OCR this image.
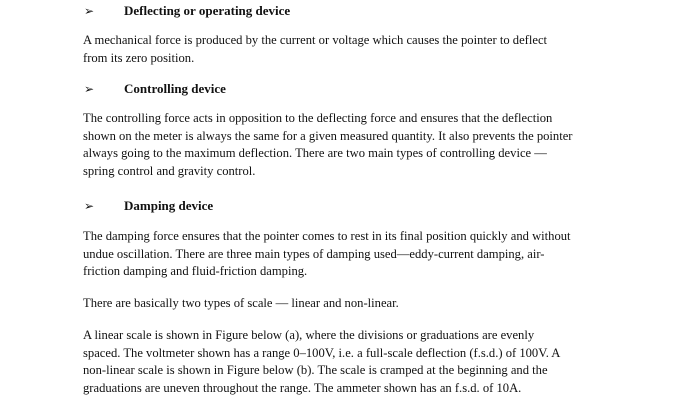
➢	Deflecting or operating device
A mechanical force is produced by the current or voltage which causes the pointer to deflect
from its zero position.
➢	Controlling device
The controlling force acts in opposition to the deflecting force and ensures that the deflection
shown on the meter is always the same for a given measured quantity. It also prevents the pointer
always going to the maximum deflection. There are two main types of controlling device —
spring control and gravity control.
➢	Damping device
The damping force ensures that the pointer comes to rest in its final position quickly and without
undue oscillation. There are three main types of damping used—eddy-current damping, air-
friction damping and fluid-friction damping.
There are basically two types of scale — linear and non-linear.
A linear scale is shown in Figure below (a), where the divisions or graduations are evenly
spaced. The voltmeter shown has a range 0–100V, i.e. a full-scale deflection (f.s.d.) of 100V. A
non-linear scale is shown in Figure below (b). The scale is cramped at the beginning and the
graduations are uneven throughout the range. The ammeter shown has an f.s.d. of 10A.
